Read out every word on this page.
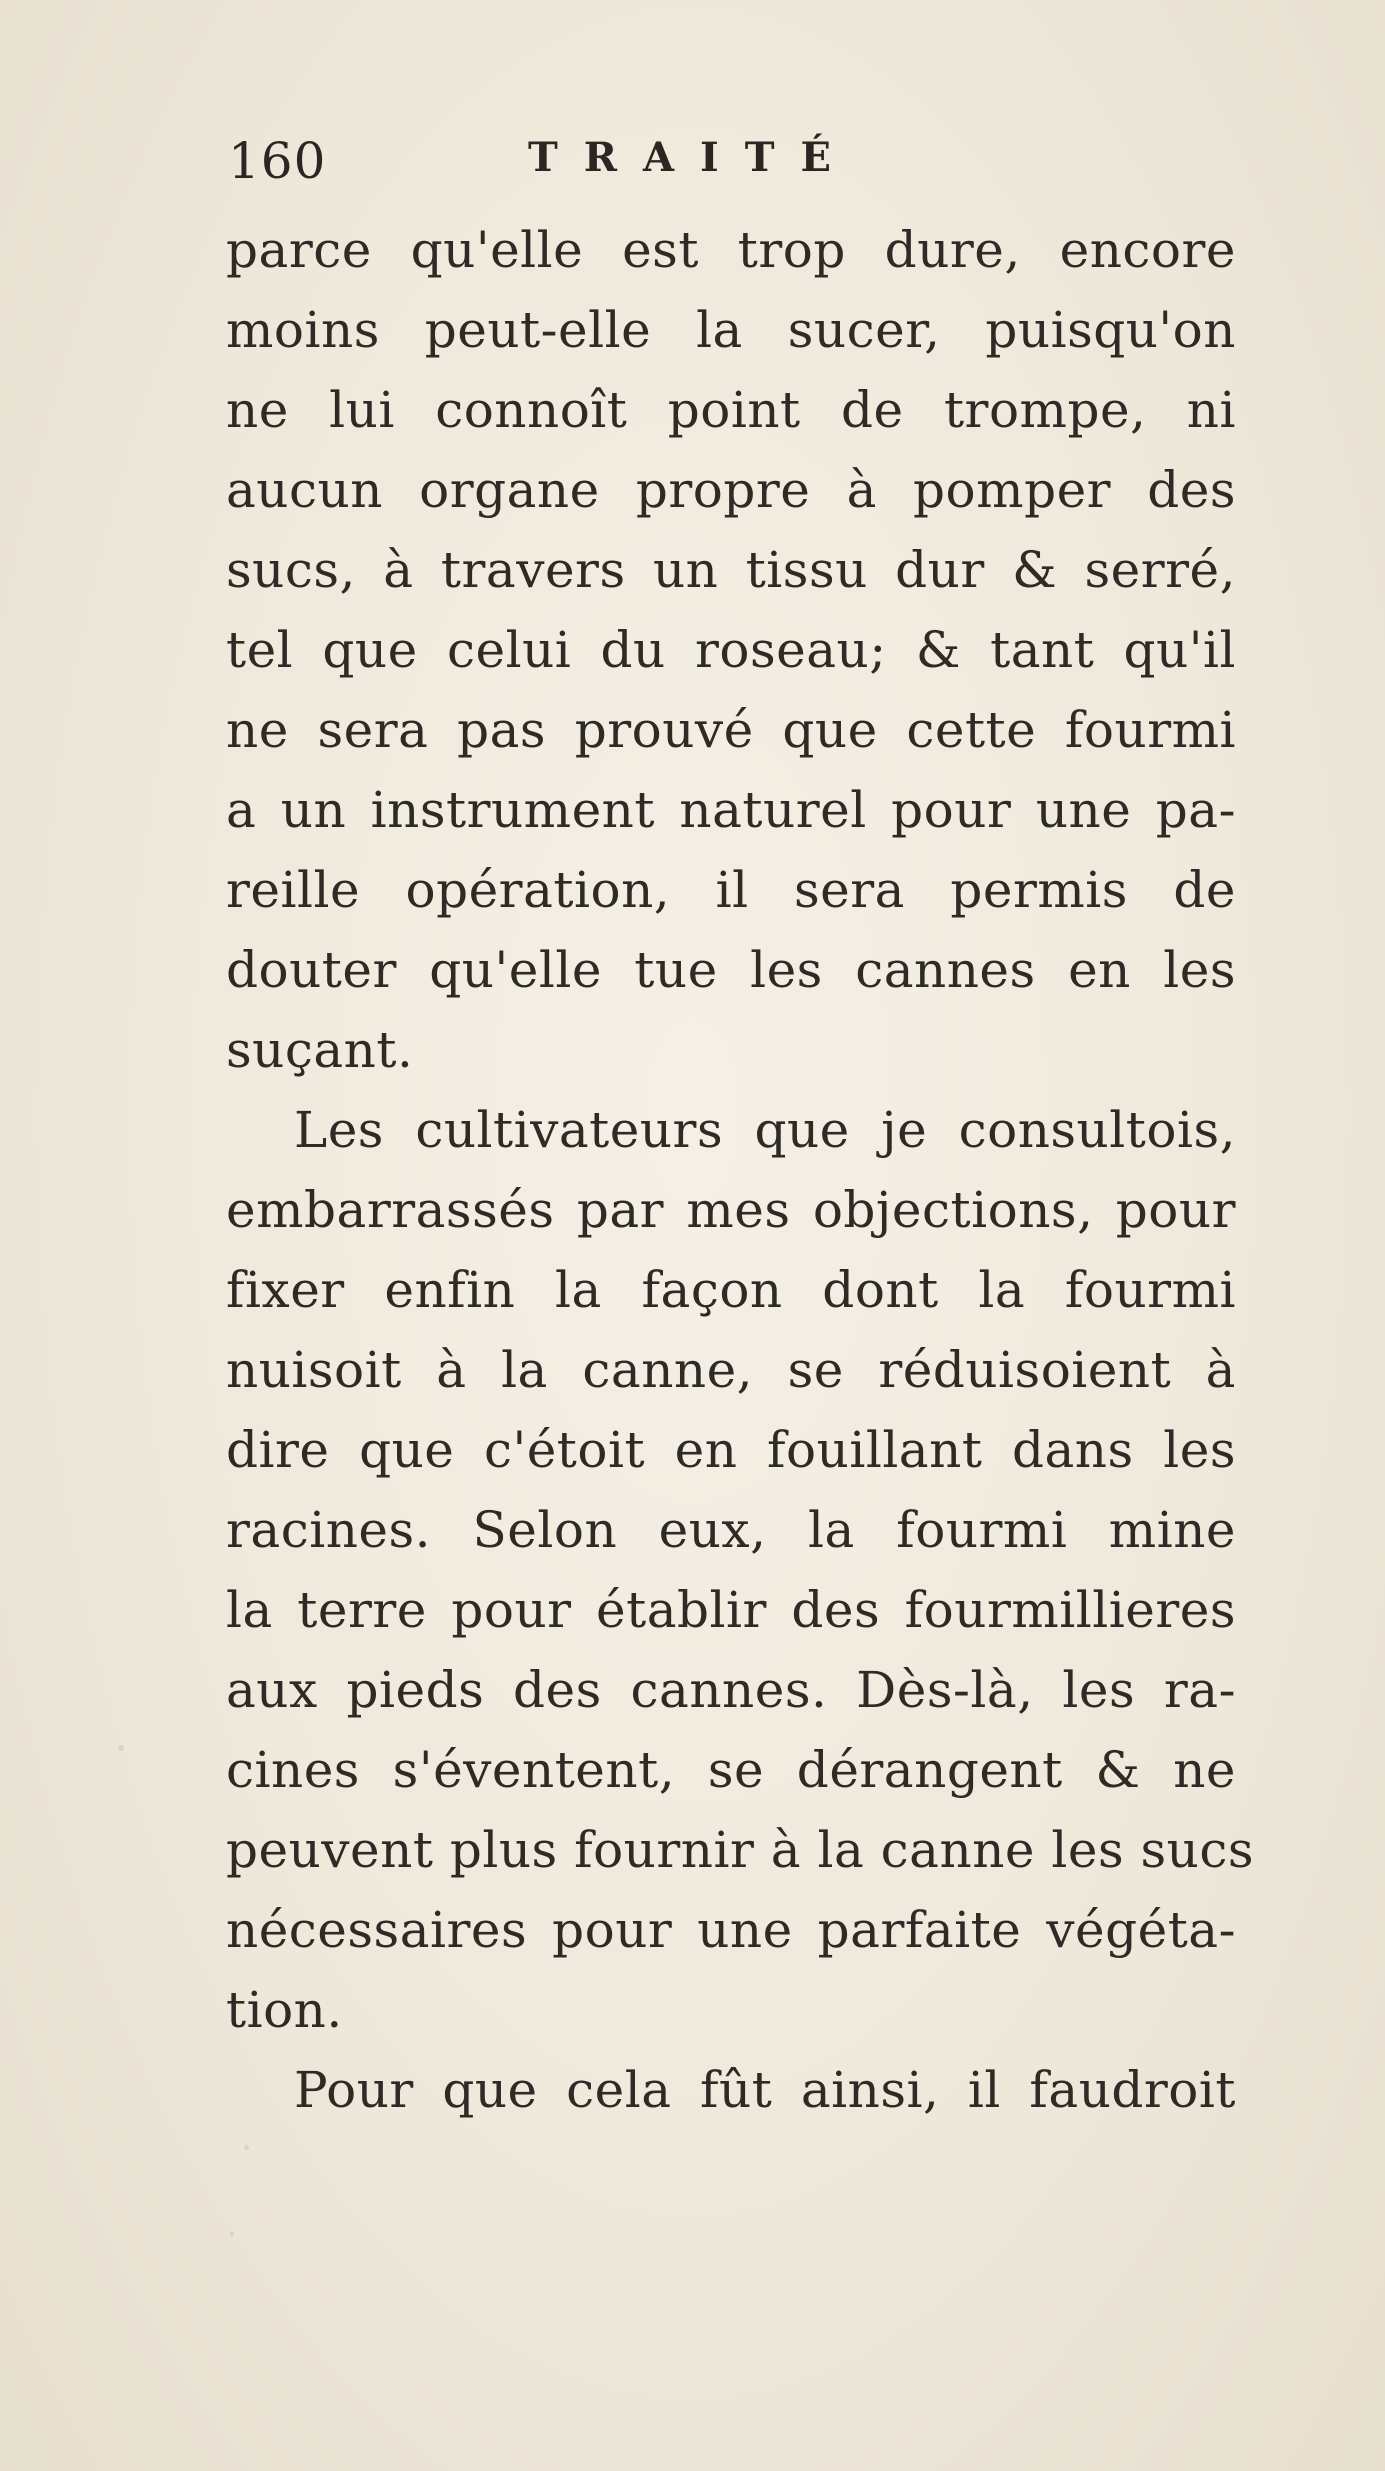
160	TRAITÉ
parce qu'elle est trop dure, encore
moins peut-elle la sucer, puisqu'on
ne lui connoît point de trompe, ni
aucun organe propre à pomper des
sucs, à travers un tissu dur & serré,
tel que celui du roseau; & tant qu'il
ne sera pas prouvé que cette fourmi
a un instrument naturel pour une pa-
reille opération, il sera permis de
douter qu'elle tue les cannes en les
suçant.
Les cultivateurs que je consultois,
embarrassés par mes objections, pour
fixer enfin la façon dont la fourmi
nuisoit à la canne, se réduisoient à
dire que c'étoit en fouillant dans les
racines. Selon eux, la fourmi mine
la terre pour établir des fourmillieres
aux pieds des cannes. Dès-là, les ra-
cines s'éventent, se dérangent & ne
peuvent plus fournir à la canne les sucs
nécessaires pour une parfaite végéta-
tion.
Pour que cela fût ainsi, il faudroit
